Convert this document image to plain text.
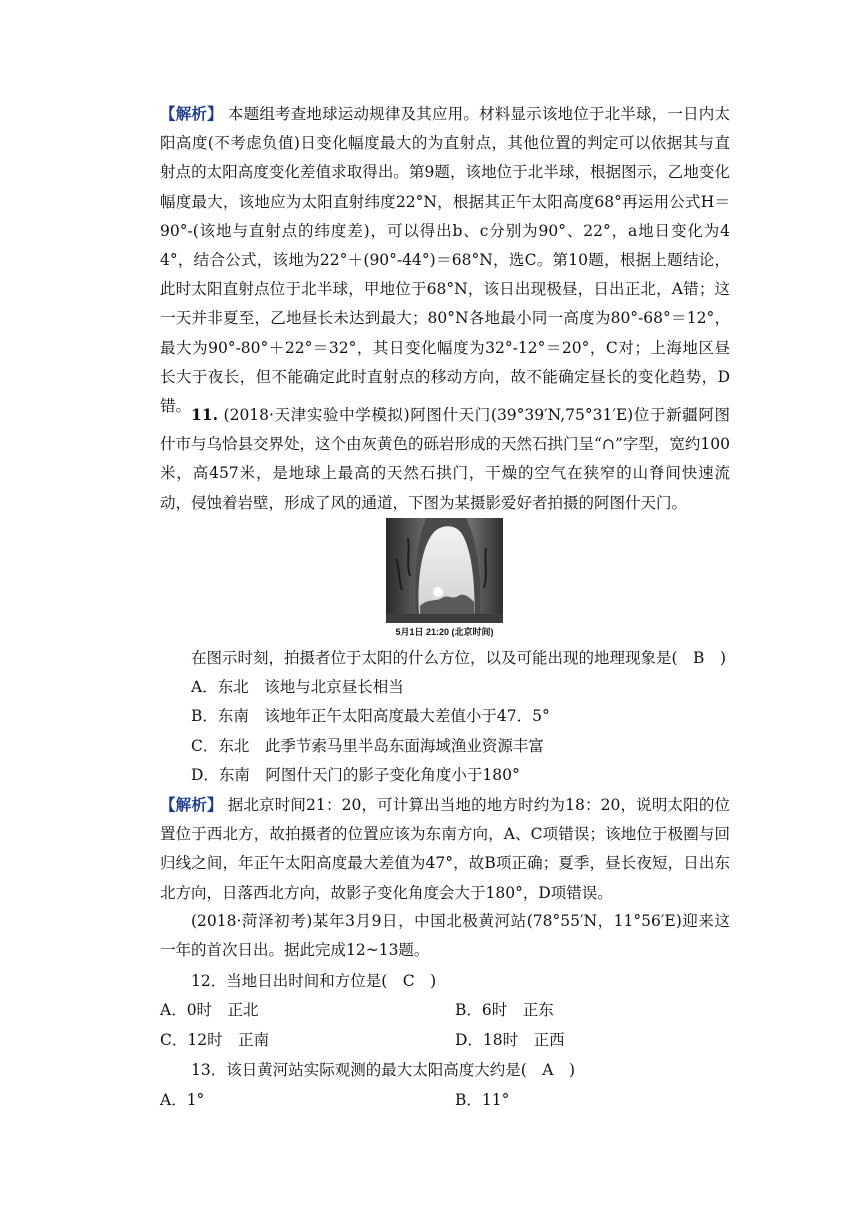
【解析】 本题组考查地球运动规律及其应用。材料显示该地位于北半球，一日内太阳高度(不考虑负值)日变化幅度最大的为直射点，其他位置的判定可以依据其与直射点的太阳高度变化差值求取得出。第9题，该地位于北半球，根据图示，乙地变化幅度最大，该地应为太阳直射纬度22°N，根据其正午太阳高度68°再运用公式H＝90°-(该地与直射点的纬度差)，可以得出b、c分别为90°、22°，a地日变化为44°，结合公式，该地为22°＋(90°-44°)＝68°N，选C。第10题，根据上题结论，此时太阳直射点位于北半球，甲地位于68°N，该日出现极昼，日出正北，A错；这一天并非夏至，乙地昼长未达到最大；80°N各地最小同一高度为80°-68°＝12°，最大为90°-80°＋22°＝32°，其日变化幅度为32°-12°＝20°，C对；上海地区昼长大于夜长，但不能确定此时直射点的移动方向，故不能确定昼长的变化趋势，D错。 11. (2018·天津实验中学模拟)阿图什天门(39°39′N,75°31′E)位于新疆阿图什市与乌恰县交界处，这个由灰黄色的砾岩形成的天然石拱门呈“∩”字型，宽约100米，高457米，是地球上最高的天然石拱门，干燥的空气在狭窄的山脊间快速流动，侵蚀着岩壁，形成了风的通道，下图为某摄影爱好者拍摄的阿图什天门。

5月1日 21:20 (北京时间)

在图示时刻，拍摄者位于太阳的什么方位，以及可能出现的地理现象是(　B　)

A．东北　该地与北京昼长相当

B．东南　该地年正午太阳高度最大差值小于47．5°

C．东北　此季节索马里半岛东面海域渔业资源丰富

D．东南　阿图什天门的影子变化角度小于180°

【解析】 据北京时间21：20，可计算出当地的地方时约为18：20，说明太阳的位置位于西北方，故拍摄者的位置应该为东南方向，A、C项错误；该地位于极圈与回归线之间，年正午太阳高度最大差值为47°，故B项正确；夏季，昼长夜短，日出东北方向，日落西北方向，故影子变化角度会大于180°，D项错误。

(2018·菏泽初考)某年3月9日，中国北极黄河站(78°55′N，11°56′E)迎来这一年的首次日出。据此完成12~13题。

12．当地日出时间和方位是(　C　)
A．0时　正北	B．6时　正东
C．12时　正南	D．18时　正西
13．该日黄河站实际观测的最大太阳高度大约是(　A　)
A．1°	B．11°
